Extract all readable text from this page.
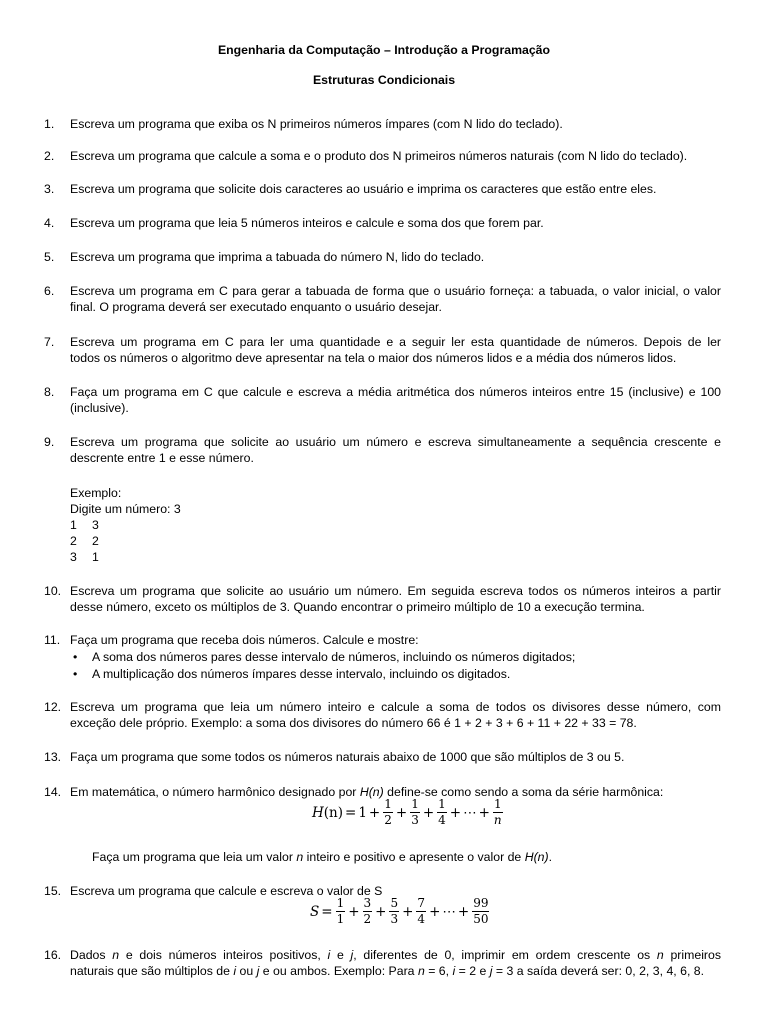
Engenharia da Computação – Introdução a Programação
Estruturas Condicionais
1.	Escreva um programa que exiba os N primeiros números ímpares (com N lido do teclado).
2.	Escreva um programa que calcule a soma e o produto dos N primeiros números naturais (com N lido do teclado).
3.	Escreva um programa que solicite dois caracteres ao usuário e imprima os caracteres que estão entre eles.
4.	Escreva um programa que leia 5 números inteiros e calcule e soma dos que forem par.
5.	Escreva um programa que imprima a tabuada do número N, lido do teclado.
6.	Escreva um programa em C para gerar a tabuada de forma que o usuário forneça: a tabuada, o valor inicial, o valor
final. O programa deverá ser executado enquanto o usuário desejar.
7.	Escreva um programa em C para ler uma quantidade e a seguir ler esta quantidade de números. Depois de ler
todos os números o algoritmo deve apresentar na tela o maior dos números lidos e a média dos números lidos.
8.	Faça um programa em C que calcule e escreva a média aritmética dos números inteiros entre 15 (inclusive) e 100
(inclusive).
9.	Escreva um programa que solicite ao usuário um número e escreva simultaneamente a sequência crescente e
descrente entre 1 e esse número.
Exemplo:
Digite um número: 3
1 3
2 2
3 1
10. Escreva um programa que solicite ao usuário um número. Em seguida escreva todos os números inteiros a partir
desse número, exceto os múltiplos de 3. Quando encontrar o primeiro múltiplo de 10 a execução termina.
11. Faça um programa que receba dois números. Calcule e mostre:
• A soma dos números pares desse intervalo de números, incluindo os números digitados;
• A multiplicação dos números ímpares desse intervalo, incluindo os digitados.
12. Escreva um programa que leia um número inteiro e calcule a soma de todos os divisores desse número, com
exceção dele próprio. Exemplo: a soma dos divisores do número 66 é 1 + 2 + 3 + 6 + 11 + 22 + 33 = 78.
13. Faça um programa que some todos os números naturais abaixo de 1000 que são múltiplos de 3 ou 5.
14. Em matemática, o número harmônico designado por H(n) define-se como sendo a soma da série harmônica:
H $(n) = 1 + \frac{1}{2} + \frac{1}{3} + \frac{1}{4}$ + ⋯ + $\frac{1}{n}$
Faça um programa que leia um valor n inteiro e positivo e apresente o valor de H(n).
15. Escreva um programa que calcule e escreva o valor de S
$S = \frac{1}{1} + \frac{3}{2} + \frac{5}{3} + \frac{7}{4}$ + ⋯ + $\frac{99}{50}$
16. Dados n e dois números inteiros positivos, i e j, diferentes de 0, imprimir em ordem crescente os n primeiros
naturais que são múltiplos de i ou j e ou ambos. Exemplo: Para n = 6, i = 2 e j = 3 a saída deverá ser: 0, 2, 3, 4, 6, 8.
